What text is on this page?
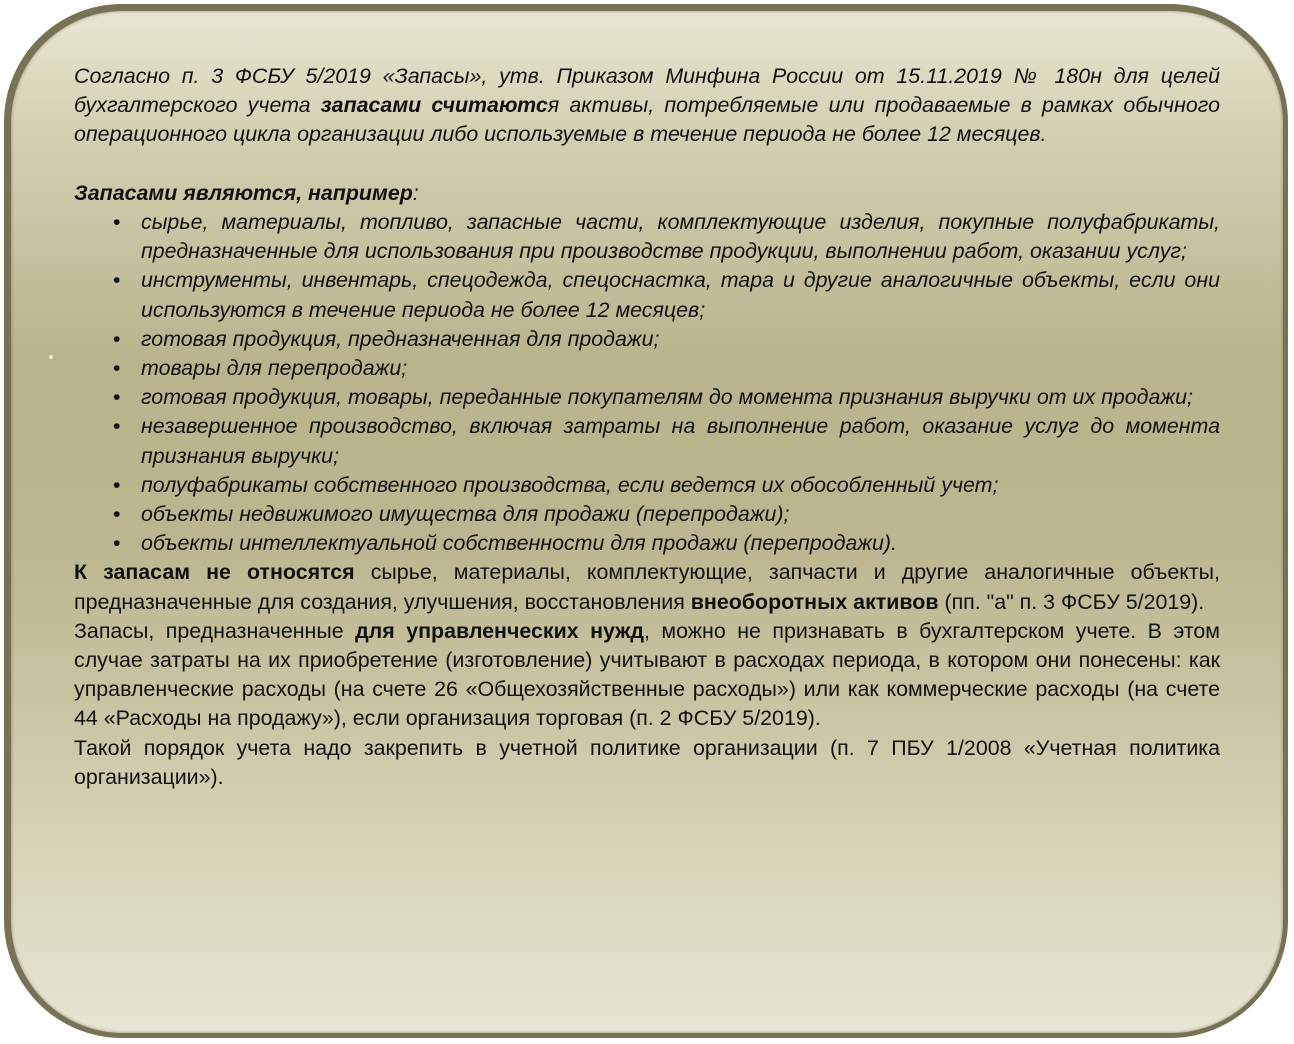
Согласно п. 3 ФСБУ 5/2019 «Запасы», утв. Приказом Минфина России от 15.11.2019 № 180н для целей бухгалтерского учета запасами считаются активы, потребляемые или продаваемые в рамках обычного операционного цикла организации либо используемые в течение периода не более 12 месяцев.

Запасами являются, например:

• сырье, материалы, топливо, запасные части, комплектующие изделия, покупные полуфабрикаты, предназначенные для использования при производстве продукции, выполнении работ, оказании услуг;
• инструменты, инвентарь, спецодежда, спецоснастка, тара и другие аналогичные объекты, если они используются в течение периода не более 12 месяцев;
• готовая продукция, предназначенная для продажи;
• товары для перепродажи;
• готовая продукция, товары, переданные покупателям до момента признания выручки от их продажи;
• незавершенное производство, включая затраты на выполнение работ, оказание услуг до момента признания выручки;
• полуфабрикаты собственного производства, если ведется их обособленный учет;
• объекты недвижимого имущества для продажи (перепродажи);
• объекты интеллектуальной собственности для продажи (перепродажи).

К запасам не относятся сырье, материалы, комплектующие, запчасти и другие аналогичные объекты, предназначенные для создания, улучшения, восстановления внеоборотных активов (пп. "а" п. 3 ФСБУ 5/2019).

Запасы, предназначенные для управленческих нужд, можно не признавать в бухгалтерском учете. В этом случае затраты на их приобретение (изготовление) учитывают в расходах периода, в котором они понесены: как управленческие расходы (на счете 26 «Общехозяйственные расходы») или как коммерческие расходы (на счете 44 «Расходы на продажу»), если организация торговая (п. 2 ФСБУ 5/2019).

Такой порядок учета надо закрепить в учетной политике организации (п. 7 ПБУ 1/2008 «Учетная политика организации»).
